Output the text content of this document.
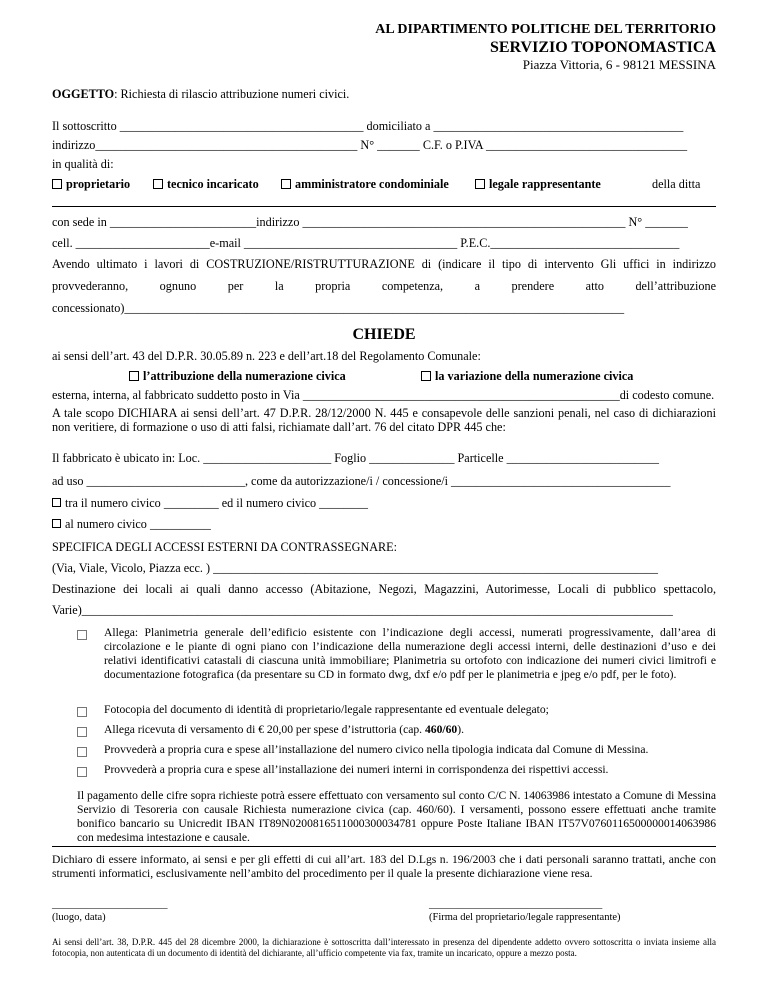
AL DIPARTIMENTO POLITICHE DEL TERRITORIO
SERVIZIO TOPONOMASTICA
Piazza Vittoria, 6 - 98121 MESSINA
OGGETTO: Richiesta di rilascio attribuzione numeri civici.
Il sottoscritto ________________________________________ domiciliato a _________________________________________
indirizzo___________________________________________ N° _______ C.F. o P.IVA _________________________________
in qualità di:
proprietario	tecnico incaricato	amministratore condominiale	legale rappresentante	della ditta
con sede in ________________________indirizzo _____________________________________________________ N° _______
cell. ______________________e-mail ___________________________________ P.E.C._______________________________
Avendo ultimato i lavori di COSTRUZIONE/RISTRUTTURAZIONE di (indicare il tipo di intervento Gli uffici in indirizzo
provvederanno, ognuno per la propria competenza, a prendere atto dell’attribuzione
concessionato)__________________________________________________________________________________
CHIEDE
ai sensi dell’art. 43 del D.P.R. 30.05.89 n. 223 e dell’art.18 del Regolamento Comunale:
l’attribuzione della numerazione civica	la variazione della numerazione civica
esterna, interna, al fabbricato suddetto posto in Via ____________________________________________________di codesto comune.
A tale scopo DICHIARA ai sensi dell’art. 47 D.P.R. 28/12/2000 N. 445 e consapevole delle sanzioni penali, nel caso di dichiarazioni non veritiere, di formazione o uso di atti falsi, richiamate dall’art. 76 del citato DPR 445 che:
Il fabbricato è ubicato in: Loc. _____________________ Foglio ______________ Particelle _________________________
ad uso __________________________, come da autorizzazione/i / concessione/i ____________________________________
tra il numero civico _________ ed il numero civico ________
al numero civico __________
SPECIFICA DEGLI ACCESSI ESTERNI DA CONTRASSEGNARE:
(Via, Viale, Vicolo, Piazza ecc. ) _________________________________________________________________________
Destinazione dei locali ai quali danno accesso (Abitazione, Negozi, Magazzini, Autorimesse, Locali di pubblico spettacolo,
Varie)_________________________________________________________________________________________________
Allega: Planimetria generale dell’edificio esistente con l’indicazione degli accessi, numerati progressivamente, dall’area di circolazione e le piante di ogni piano con l’indicazione della numerazione degli accessi interni, delle destinazioni d’uso e dei relativi identificativi catastali di ciascuna unità immobiliare; Planimetria su ortofoto con indicazione dei numeri civici limitrofi e documentazione fotografica (da presentare su CD in formato dwg, dxf e/o pdf per le planimetria e jpeg e/o pdf, per le foto).
Fotocopia del documento di identità di proprietario/legale rappresentante ed eventuale delegato;
Allega ricevuta di versamento di € 20,00 per spese d’istruttoria (cap. 460/60).
Provvederà a propria cura e spese all’installazione del numero civico nella tipologia indicata dal Comune di Messina.
Provvederà a propria cura e spese all’installazione dei numeri interni in corrispondenza dei rispettivi accessi.
Il pagamento delle cifre sopra richieste potrà essere effettuato con versamento sul conto C/C N. 14063986 intestato a Comune di Messina Servizio di Tesoreria con causale Richiesta numerazione civica (cap. 460/60). I versamenti, possono essere effettuati anche tramite bonifico bancario su Unicredit IBAN IT89N0200816511000300034781 oppure Poste Italiane IBAN IT57V0760116500000014063986 con medesima intestazione e causale.
Dichiaro di essere informato, ai sensi e per gli effetti di cui all’art. 183 del D.Lgs n. 196/2003 che i dati personali saranno trattati, anche con strumenti informatici, esclusivamente nell’ambito del procedimento per il quale la presente dichiarazione viene resa.
______________________
(luogo, data)
_________________________________
(Firma del proprietario/legale rappresentante)
Ai sensi dell’art. 38, D.P.R. 445 del 28 dicembre 2000, la dichiarazione è sottoscritta dall’interessato in presenza del dipendente addetto ovvero sottoscritta o inviata insieme alla fotocopia, non autenticata di un documento di identità del dichiarante, all’ufficio competente via fax, tramite un incaricato, oppure a mezzo posta.
